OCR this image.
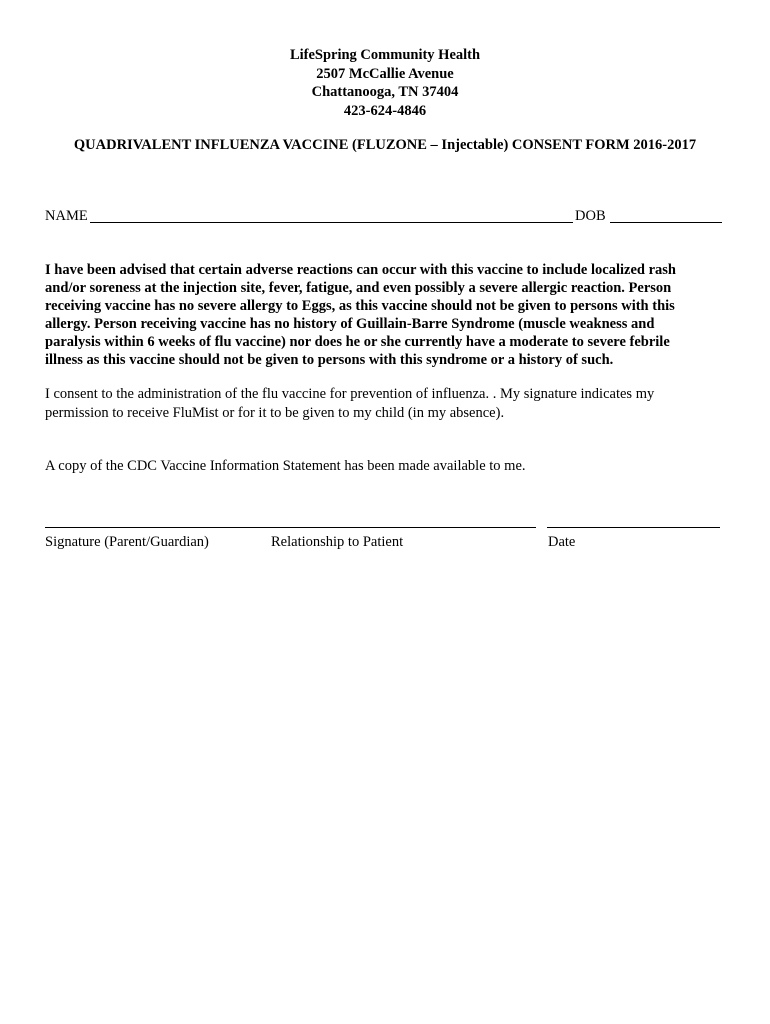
LifeSpring Community Health
2507 McCallie Avenue
Chattanooga, TN 37404
423-624-4846
QUADRIVALENT INFLUENZA VACCINE (FLUZONE – Injectable) CONSENT FORM 2016-2017
NAME	DOB

I have been advised that certain adverse reactions can occur with this vaccine to include localized rash and/or soreness at the injection site, fever, fatigue, and even possibly a severe allergic reaction. Person receiving vaccine has no severe allergy to Eggs, as this vaccine should not be given to persons with this allergy. Person receiving vaccine has no history of Guillain-Barre Syndrome (muscle weakness and paralysis within 6 weeks of flu vaccine) nor does he or she currently have a moderate to severe febrile illness as this vaccine should not be given to persons with this syndrome or a history of such.

I consent to the administration of the flu vaccine for prevention of influenza. . My signature indicates my permission to receive FluMist or for it to be given to my child (in my absence).

A copy of the CDC Vaccine Information Statement has been made available to me.

Signature (Parent/Guardian)	Relationship to Patient	Date
